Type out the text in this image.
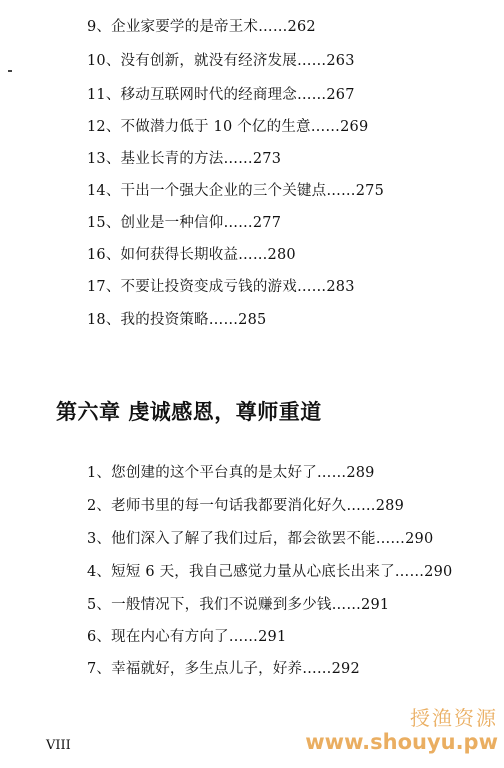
9、企业家要学的是帝王术……262
10、没有创新，就没有经济发展……263
11、移动互联网时代的经商理念……267
12、不做潜力低于 10 个亿的生意……269
13、基业长青的方法……273
14、干出一个强大企业的三个关键点……275
15、创业是一种信仰……277
16、如何获得长期收益……280
17、不要让投资变成亏钱的游戏……283
18、我的投资策略……285
第六章 虔诚感恩，尊师重道
1、您创建的这个平台真的是太好了……289
2、老师书里的每一句话我都要消化好久……289
3、他们深入了解了我们过后，都会欲罢不能……290
4、短短 6 天，我自己感觉力量从心底长出来了……290
5、一般情况下，我们不说赚到多少钱……291
6、现在内心有方向了……291
7、幸福就好，多生点儿子，好养……292
VIII
授渔资源
www.shouyu.pw
